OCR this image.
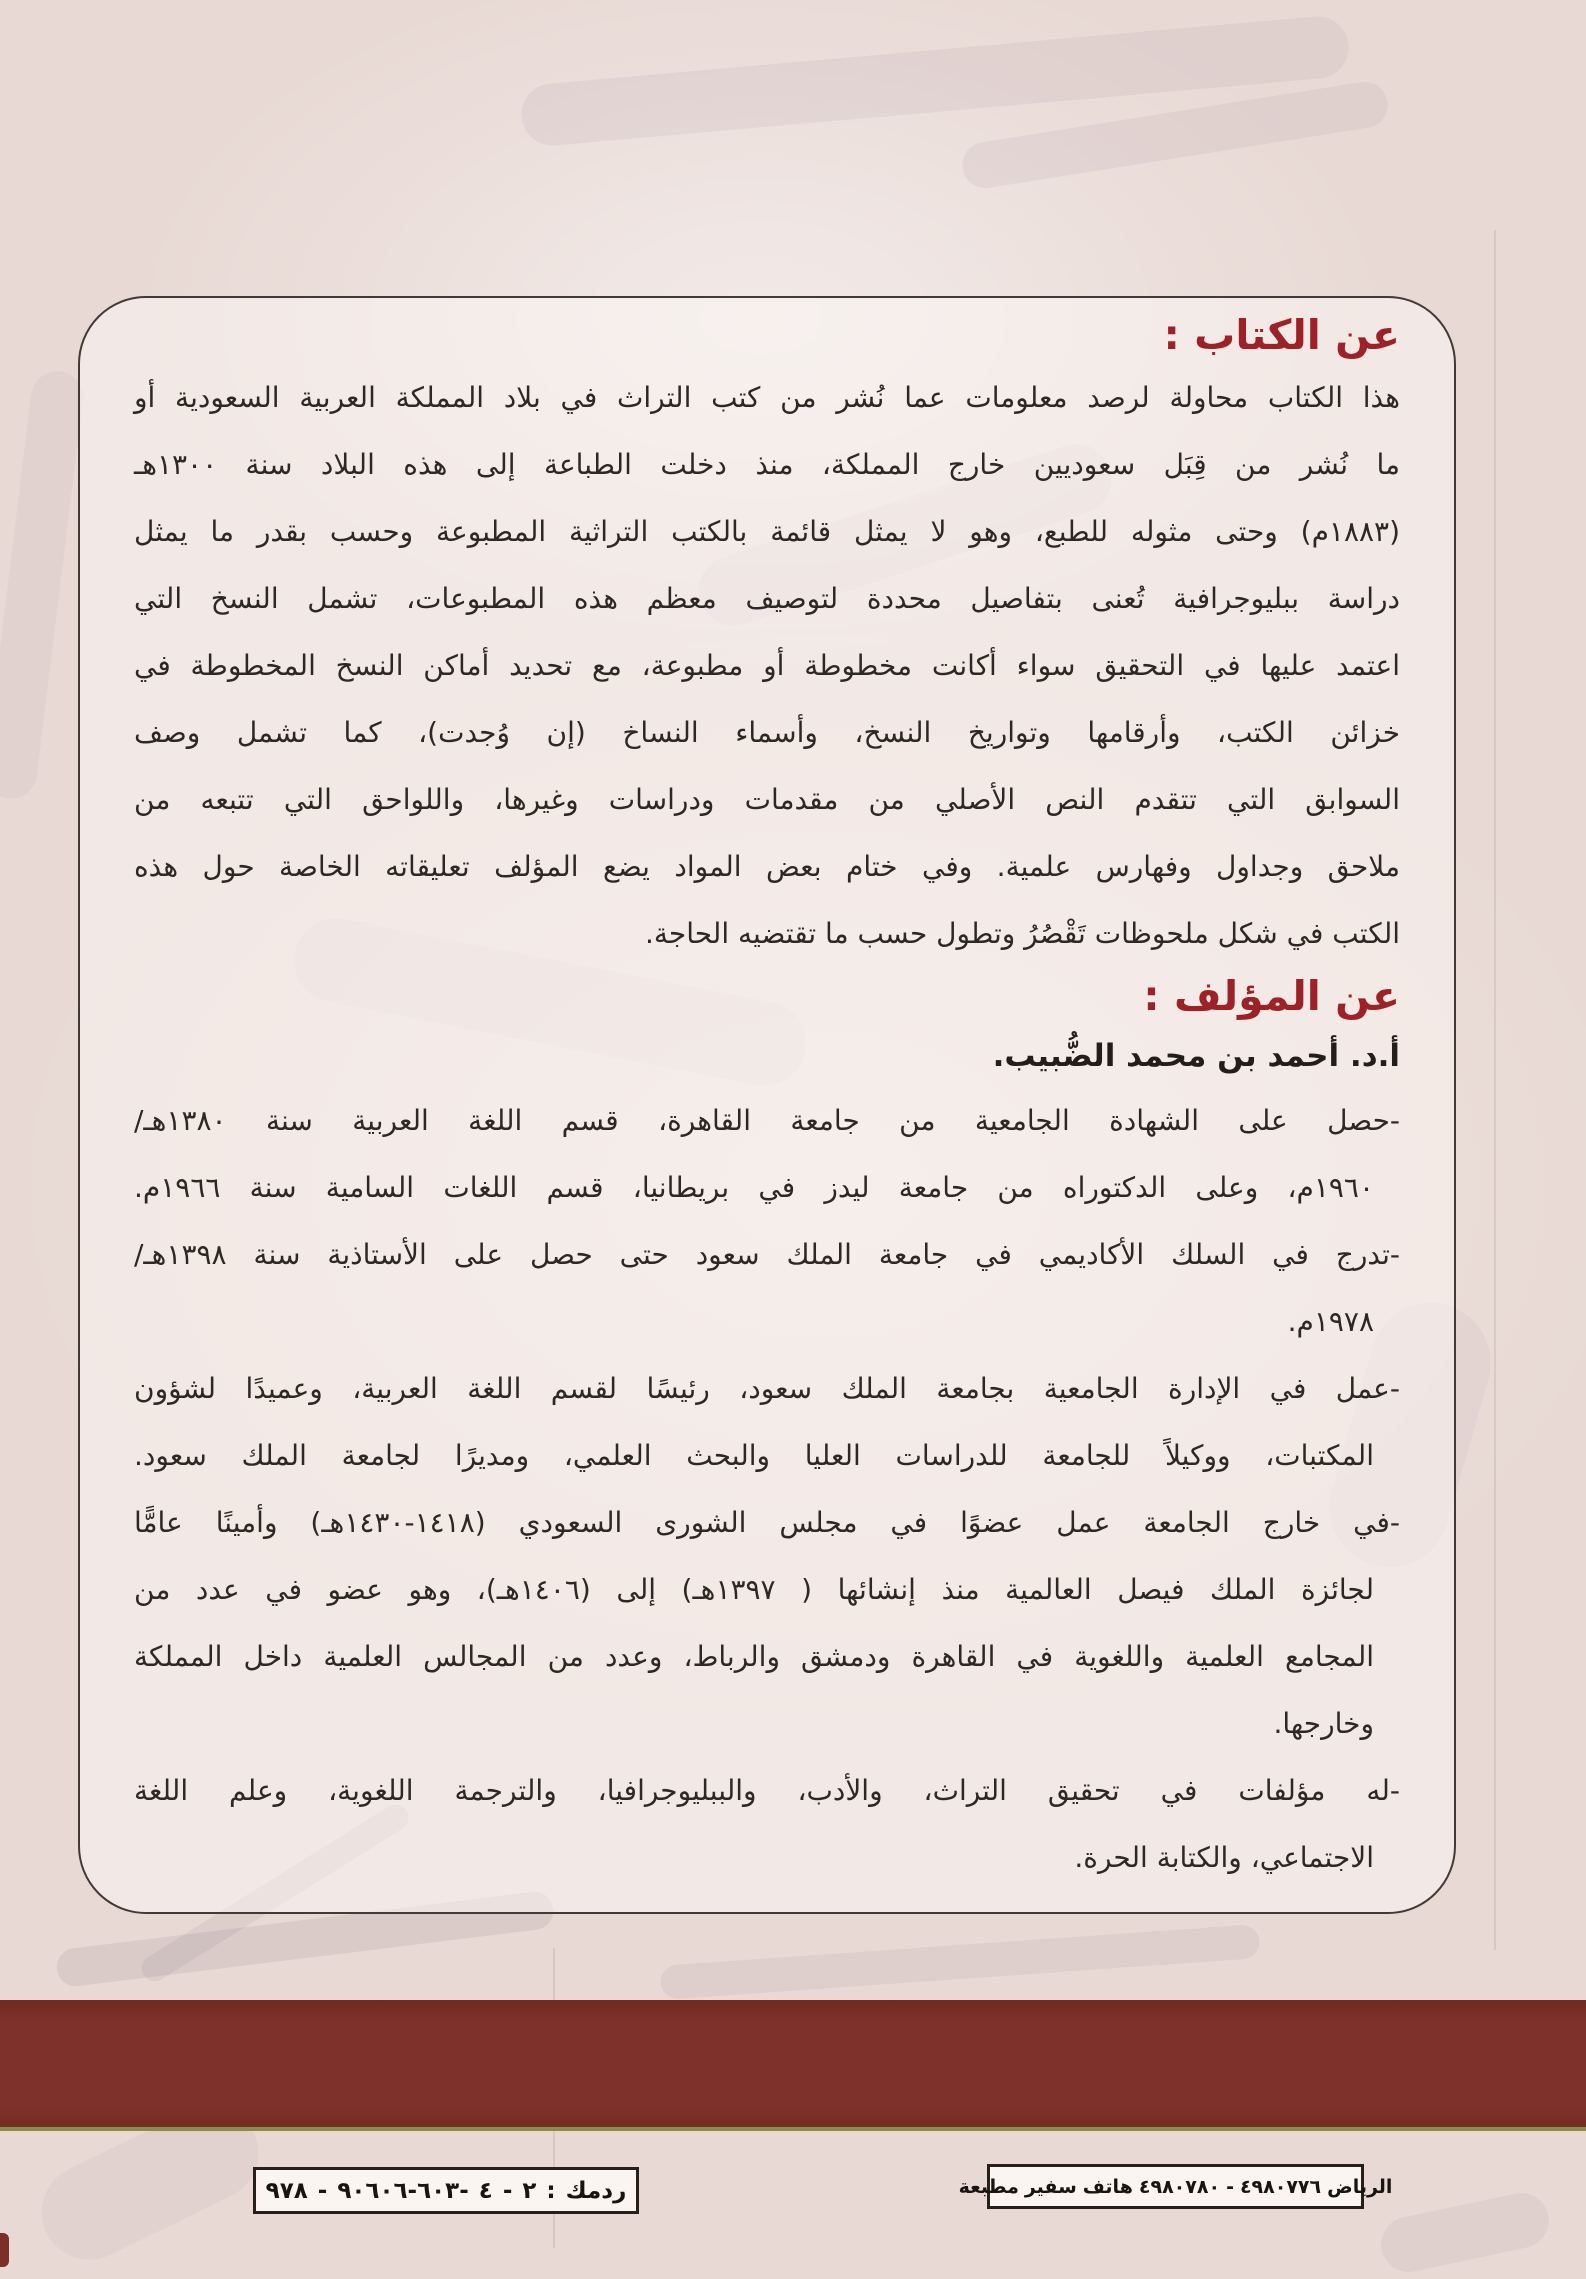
عن الكتاب :
هذا الكتاب محاولة لرصد معلومات عما نُشر من كتب التراث في بلاد المملكة العربية السعودية أو
ما نُشر من قِبَل سعوديين خارج المملكة، منذ دخلت الطباعة إلى هذه البلاد سنة ١٣٠٠هـ
(١٨٨٣م) وحتى مثوله للطبع، وهو لا يمثل قائمة بالكتب التراثية المطبوعة وحسب بقدر ما يمثل
دراسة ببليوجرافية تُعنى بتفاصيل محددة لتوصيف معظم هذه المطبوعات، تشمل النسخ التي
اعتمد عليها في التحقيق سواء أكانت مخطوطة أو مطبوعة، مع تحديد أماكن النسخ المخطوطة في
خزائن الكتب، وأرقامها وتواريخ النسخ، وأسماء النساخ (إن وُجدت)، كما تشمل وصف
السوابق التي تتقدم النص الأصلي من مقدمات ودراسات وغيرها، واللواحق التي تتبعه من
ملاحق وجداول وفهارس علمية. وفي ختام بعض المواد يضع المؤلف تعليقاته الخاصة حول هذه
الكتب في شكل ملحوظات تَقْصُرُ وتطول حسب ما تقتضيه الحاجة.
عن المؤلف :
أ.د. أحمد بن محمد الضُّبيب.
-حصل على الشهادة الجامعية من جامعة القاهرة، قسم اللغة العربية سنة ١٣٨٠هـ/
١٩٦٠م، وعلى الدكتوراه من جامعة ليدز في بريطانيا، قسم اللغات السامية سنة ١٩٦٦م.
-تدرج في السلك الأكاديمي في جامعة الملك سعود حتى حصل على الأستاذية سنة ١٣٩٨هـ/
١٩٧٨م.
-عمل في الإدارة الجامعية بجامعة الملك سعود، رئيسًا لقسم اللغة العربية، وعميدًا لشؤون
المكتبات، ووكيلاً للجامعة للدراسات العليا والبحث العلمي، ومديرًا لجامعة الملك سعود.
-في خارج الجامعة عمل عضوًا في مجلس الشورى السعودي (⁦١٤١٨-١٤٣٠⁩هـ) وأمينًا عامًّا
لجائزة الملك فيصل العالمية منذ إنشائها ( ١٣٩٧هـ) إلى (١٤٠٦هـ)، وهو عضو في عدد من
المجامع العلمية واللغوية في القاهرة ودمشق والرباط، وعدد من المجالس العلمية داخل المملكة
وخارجها.
-له مؤلفات في تحقيق التراث، والأدب، والببليوجرافيا، والترجمة اللغوية، وعلم اللغة
الاجتماعي، والكتابة الحرة.
٩٧٨ - ٦٠٣-٩٠٦٠٦- ٤ - ٢ : ردمك	مطبعة سفير هاتف ٤٩٨٠٧٨٠ - ٤٩٨٠٧٧٦ الرياض
